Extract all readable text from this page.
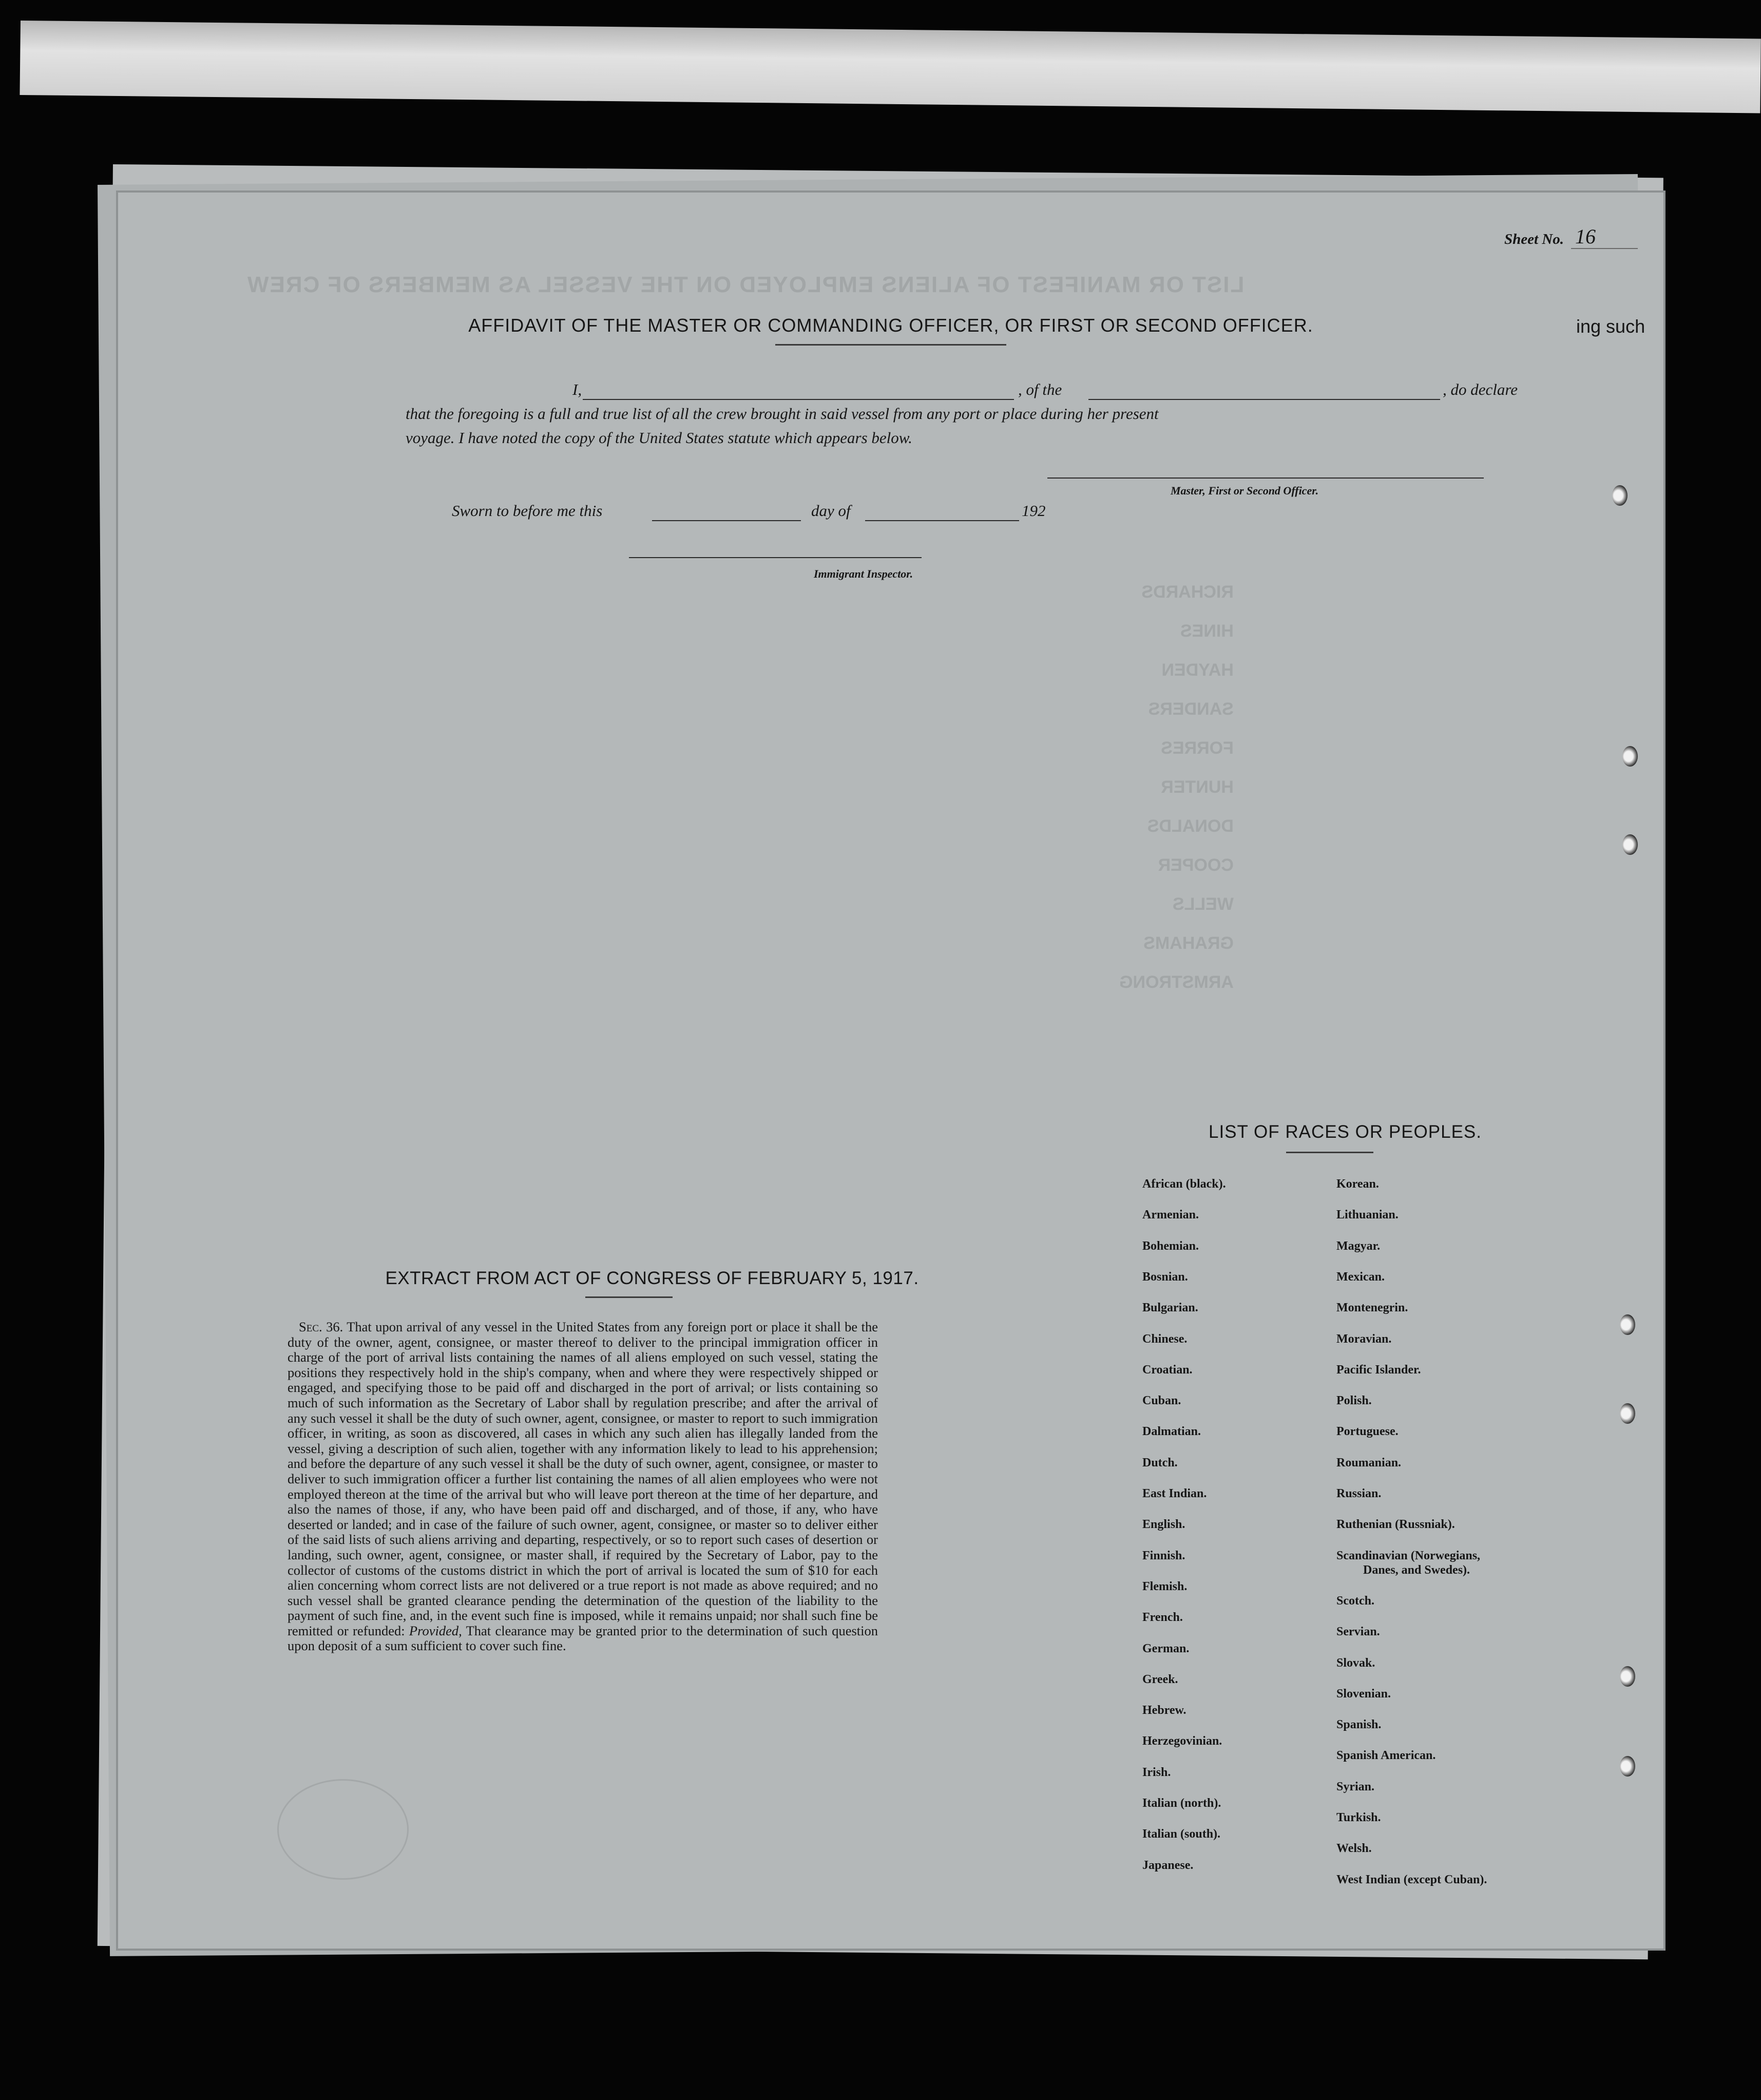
LIST OR MANIFEST OF ALIENS EMPLOYED ON THE VESSEL AS MEMBERS OF CREW
RICHARDS
HINES
HAYDEN
SANDERS
FORRES
HUNTER
DONALDS
COOPER
WELLS
GRAHAMS
ARMSTRONG
Sheet No. 16
AFFIDAVIT OF THE MASTER OR COMMANDING OFFICER, OR FIRST OR SECOND OFFICER.	ing such
I,	, of the	, do declare
that the foregoing is a full and true list of all the crew brought in said vessel from any port or place during her present
voyage. I have noted the copy of the United States statute which appears below.
Master, First or Second Officer.
Sworn to before me this	day of	192
Immigrant Inspector.
EXTRACT FROM ACT OF CONGRESS OF FEBRUARY 5, 1917.
Sec. 36. That upon arrival of any vessel in the United States from any foreign port or place it shall be the duty of the owner, agent, consignee, or master thereof to deliver to the principal immigration officer in charge of the port of arrival lists containing the names of all aliens employed on such vessel, stating the positions they respectively hold in the ship's company, when and where they were respectively shipped or engaged, and specifying those to be paid off and discharged in the port of arrival; or lists containing so much of such information as the Secretary of Labor shall by regulation prescribe; and after the arrival of any such vessel it shall be the duty of such owner, agent, consignee, or master to report to such immigration officer, in writing, as soon as discovered, all cases in which any such alien has illegally landed from the vessel, giving a description of such alien, together with any information likely to lead to his apprehension; and before the departure of any such vessel it shall be the duty of such owner, agent, consignee, or master to deliver to such immigration officer a further list containing the names of all alien employees who were not employed thereon at the time of the arrival but who will leave port thereon at the time of her departure, and also the names of those, if any, who have been paid off and discharged, and of those, if any, who have deserted or landed; and in case of the failure of such owner, agent, consignee, or master so to deliver either of the said lists of such aliens arriving and departing, respectively, or so to report such cases of desertion or landing, such owner, agent, consignee, or master shall, if required by the Secretary of Labor, pay to the collector of customs of the customs district in which the port of arrival is located the sum of $10 for each alien concerning whom correct lists are not delivered or a true report is not made as above required; and no such vessel shall be granted clearance pending the determination of the question of the liability to the payment of such fine, and, in the event such fine is imposed, while it remains unpaid; nor shall such fine be remitted or refunded: Provided, That clearance may be granted prior to the determination of such question upon deposit of a sum sufficient to cover such fine.
LIST OF RACES OR PEOPLES.
African (black).
Armenian.
Bohemian.
Bosnian.
Bulgarian.
Chinese.
Croatian.
Cuban.
Dalmatian.
Dutch.
East Indian.
English.
Finnish.
Flemish.
French.
German.
Greek.
Hebrew.
Herzegovinian.
Irish.
Italian (north).
Italian (south).
Japanese.
Korean.
Lithuanian.
Magyar.
Mexican.
Montenegrin.
Moravian.
Pacific Islander.
Polish.
Portuguese.
Roumanian.
Russian.
Ruthenian (Russniak).
Scandinavian (Norwegians,
Danes, and Swedes).
Scotch.
Servian.
Slovak.
Slovenian.
Spanish.
Spanish American.
Syrian.
Turkish.
Welsh.
West Indian (except Cuban).
